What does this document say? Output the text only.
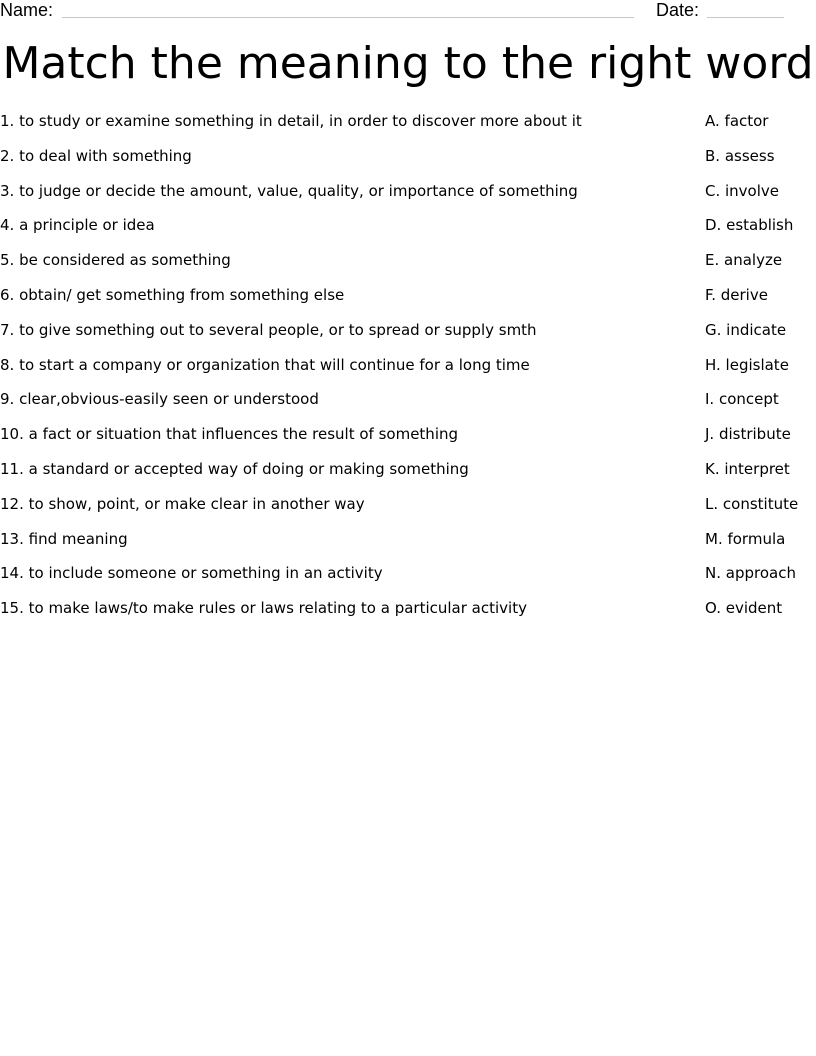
Name:	Date:
Match the meaning to the right word
1. to study or examine something in detail, in order to discover more about it
2. to deal with something
3. to judge or decide the amount, value, quality, or importance of something
4. a principle or idea
5. be considered as something
6. obtain/ get something from something else
7. to give something out to several people, or to spread or supply smth
8. to start a company or organization that will continue for a long time
9. clear,obvious-easily seen or understood
10. a fact or situation that influences the result of something
11. a standard or accepted way of doing or making something
12. to show, point, or make clear in another way
13. find meaning
14. to include someone or something in an activity
15. to make laws/to make rules or laws relating to a particular activity
A. factor
B. assess
C. involve
D. establish
E. analyze
F. derive
G. indicate
H. legislate
I. concept
J. distribute
K. interpret
L. constitute
M. formula
N. approach
O. evident
